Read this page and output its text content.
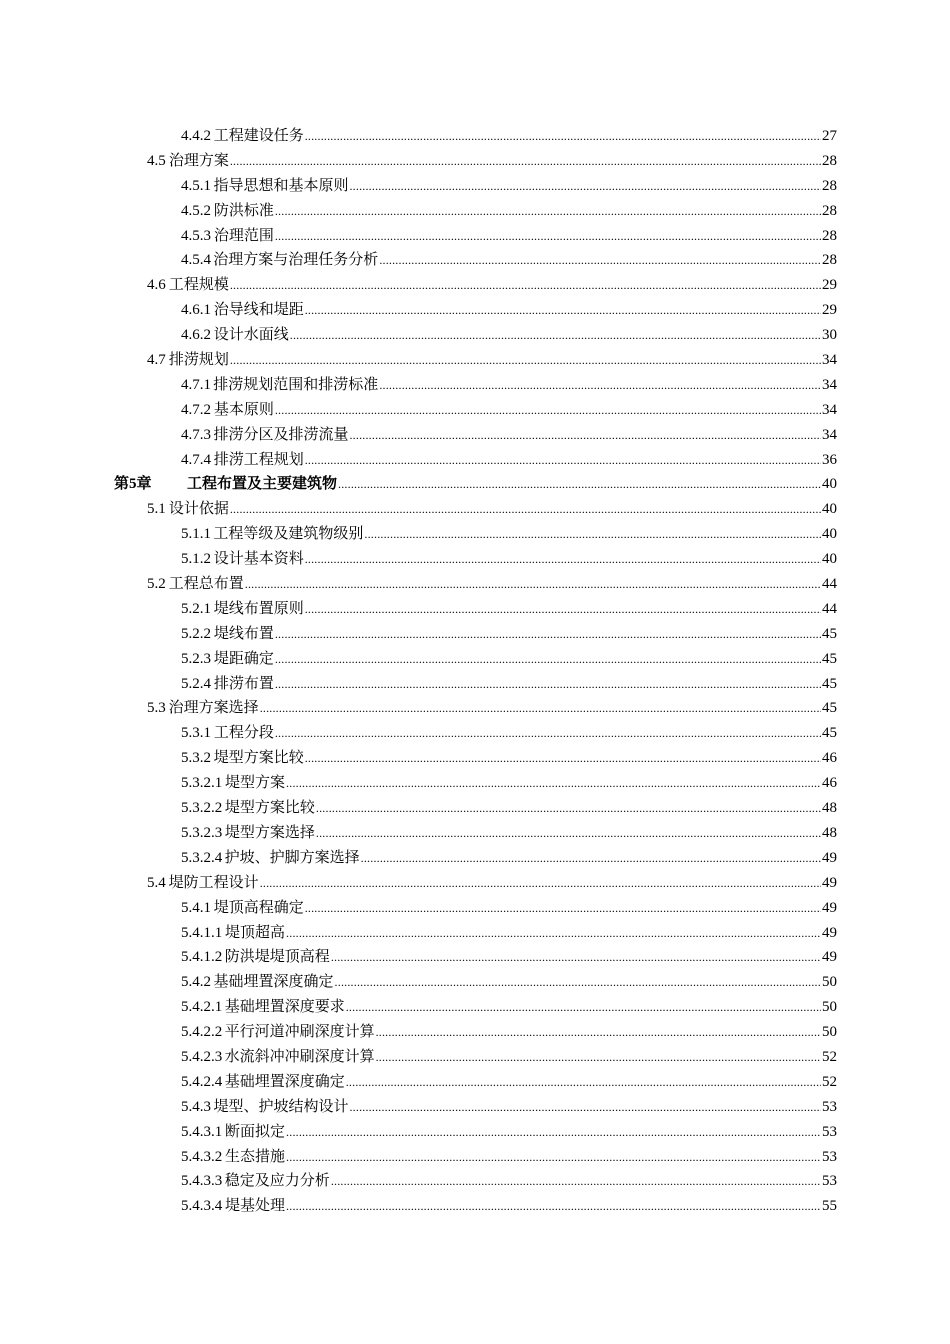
4.4.2 工程建设任务 .....	27
4.5 治理方案 .....	28
4.5.1 指导思想和基本原则 .....	28
4.5.2 防洪标准 .....	28
4.5.3 治理范围 .....	28
4.5.4 治理方案与治理任务分析 .....	28
4.6 工程规模 .....	29
4.6.1 治导线和堤距 .....	29
4.6.2 设计水面线 .....	30
4.7 排涝规划 .....	34
4.7.1 排涝规划范围和排涝标准 .....	34
4.7.2 基本原则 .....	34
4.7.3 排涝分区及排涝流量 .....	34
4.7.4 排涝工程规划 .....	36
第5章	工程布置及主要建筑物 .....	40
5.1 设计依据 .....	40
5.1.1 工程等级及建筑物级别 .....	40
5.1.2 设计基本资料 .....	40
5.2 工程总布置 .....	44
5.2.1 堤线布置原则 .....	44
5.2.2 堤线布置 .....	45
5.2.3 堤距确定 .....	45
5.2.4 排涝布置 .....	45
5.3 治理方案选择 .....	45
5.3.1 工程分段 .....	45
5.3.2 堤型方案比较 .....	46
5.3.2.1 堤型方案 .....	46
5.3.2.2 堤型方案比较 .....	48
5.3.2.3 堤型方案选择 .....	48
5.3.2.4 护坡、护脚方案选择 .....	49
5.4 堤防工程设计 .....	49
5.4.1 堤顶高程确定 .....	49
5.4.1.1 堤顶超高 .....	49
5.4.1.2 防洪堤堤顶高程 .....	49
5.4.2 基础埋置深度确定 .....	50
5.4.2.1 基础埋置深度要求 .....	50
5.4.2.2 平行河道冲刷深度计算 .....	50
5.4.2.3 水流斜冲冲刷深度计算 .....	52
5.4.2.4 基础埋置深度确定 .....	52
5.4.3 堤型、护坡结构设计 .....	53
5.4.3.1 断面拟定 .....	53
5.4.3.2 生态措施 .....	53
5.4.3.3 稳定及应力分析 .....	53
5.4.3.4 堤基处理 .....	55
